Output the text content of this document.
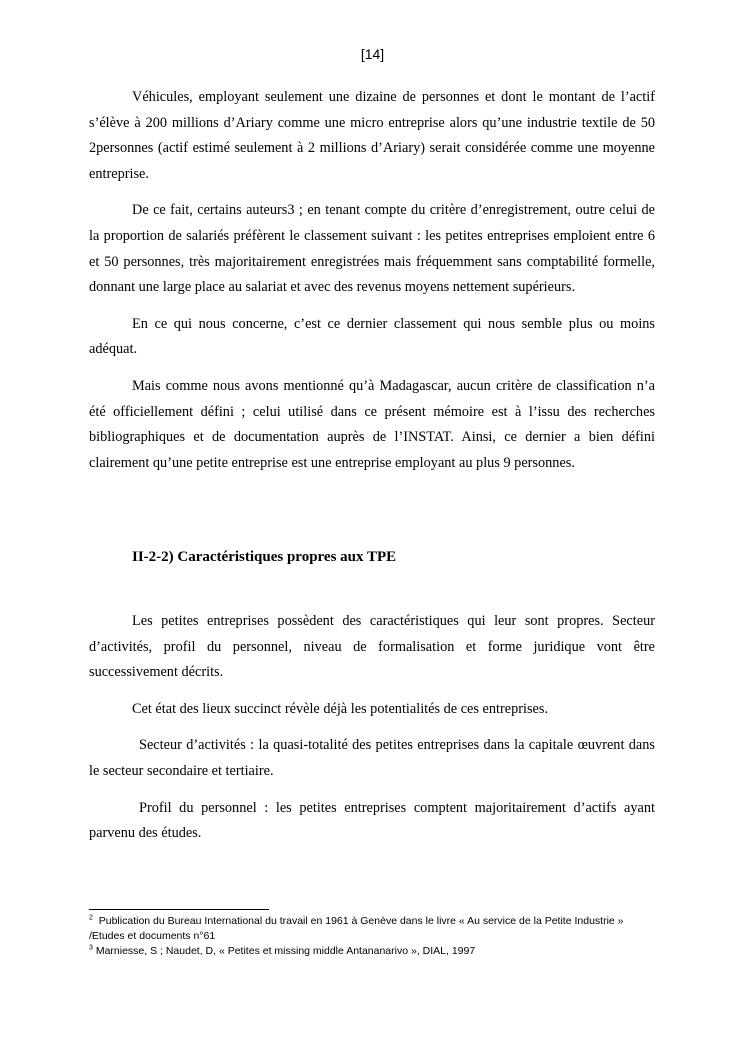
[14]

Véhicules, employant seulement une dizaine de personnes et dont le montant de l’actif s’élève à 200 millions d’Ariary comme une micro entreprise alors qu’une industrie textile de 50 2personnes (actif estimé seulement à 2 millions d’Ariary) serait considérée comme une moyenne entreprise.

De ce fait, certains auteurs3 ; en tenant compte du critère d’enregistrement, outre celui de la proportion de salariés préfèrent le classement suivant : les petites entreprises emploient entre 6 et 50 personnes, très majoritairement enregistrées mais fréquemment sans comptabilité formelle, donnant une large place au salariat et avec des revenus moyens nettement supérieurs.

En ce qui nous concerne, c’est ce dernier classement qui nous semble plus ou moins adéquat.

Mais comme nous avons mentionné qu’à Madagascar, aucun critère de classification n’a été officiellement défini ; celui utilisé dans ce présent mémoire est à l’issu des recherches bibliographiques et de documentation auprès de l’INSTAT. Ainsi, ce dernier a bien défini clairement qu’une petite entreprise est une entreprise employant au plus 9 personnes.

II-2-2) Caractéristiques propres aux TPE

Les petites entreprises possèdent des caractéristiques qui leur sont propres. Secteur d’activités, profil du personnel, niveau de formalisation et forme juridique vont être successivement décrits.

Cet état des lieux succinct révèle déjà les potentialités de ces entreprises.

Secteur d’activités : la quasi-totalité des petites entreprises dans la capitale œuvrent dans le secteur secondaire et tertiaire.

Profil du personnel : les petites entreprises comptent majoritairement d’actifs ayant parvenu des études.

$^2$ Publication du Bureau International du travail en 1961 à Genève dans le livre « Au service de la Petite Industrie » /Etudes et documents n°61

$^3$ Marniesse, S ; Naudet, D, « Petites et missing middle Antananarivo », DIAL, 1997
